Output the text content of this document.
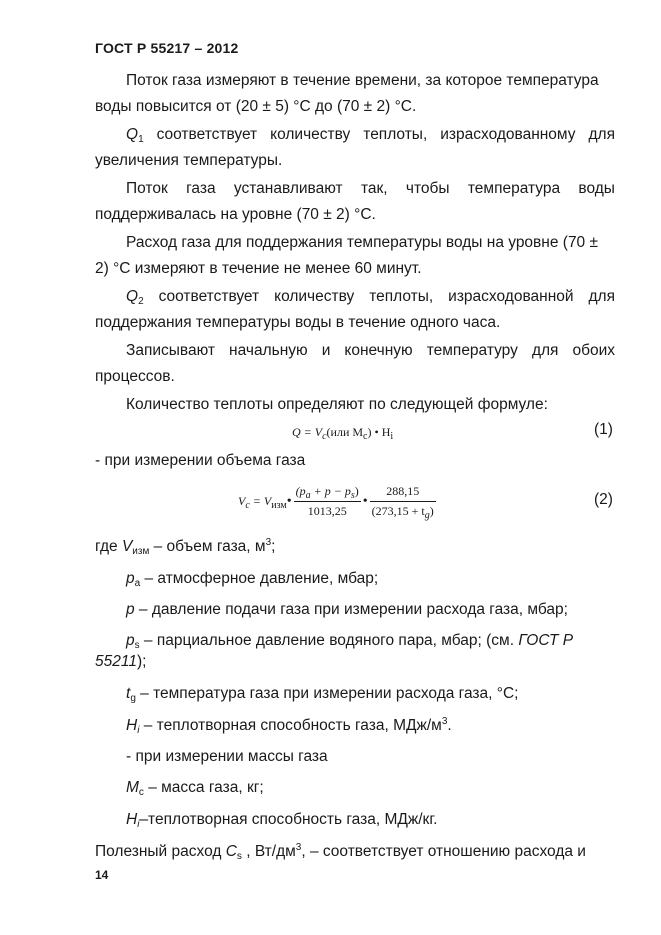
ГОСТ Р 55217 – 2012
Поток газа измеряют в течение времени, за которое температура
воды повысится от (20 ± 5) °С до (70 ± 2) °С.
$Q_1$ соответствует количеству теплоты, израсходованному для
увеличения температуры.
Поток газа устанавливают так, чтобы температура воды
поддерживалась на уровне (70 ± 2) °С.
Расход газа для поддержания температуры воды на уровне (70 ±
2) °С измеряют в течение не менее 60 минут.
$Q_2$ соответствует количеству теплоты, израсходованной для
поддержания температуры воды в течение одного часа.
Записывают начальную и конечную температуру для обоих
процессов.
Количество теплоты определяют по следующей формуле:
$Q = V_c(или$ $M_c$) • $H_i$	(1)
- при измерении объема газа
$V_c = V_{изм}$ • $\frac{(p_a + p - p_s)}{1013,25}$ • $\frac{288,15}{(273,15 + t_g)}$	(2)
где $V_{изм}$ – объем газа, $м^3$;
$p_a$ – атмосферное давление, мбар;
p – давление подачи газа при измерении расхода газа, мбар;
$p_s$ – парциальное давление водяного пара, мбар; (см. ГОСТ Р
55211);
$t_g$ – температура газа при измерении расхода газа, °С;
$H_i$ – теплотворная способность газа, МДж/$м^3$.
- при измерении массы газа
$M_c$ – масса газа, кг;
$H_i$–теплотворная способность газа, МДж/кг.
Полезный расход $C_s$ , $Вт/дм^3$, – соответствует отношению расхода и
14
